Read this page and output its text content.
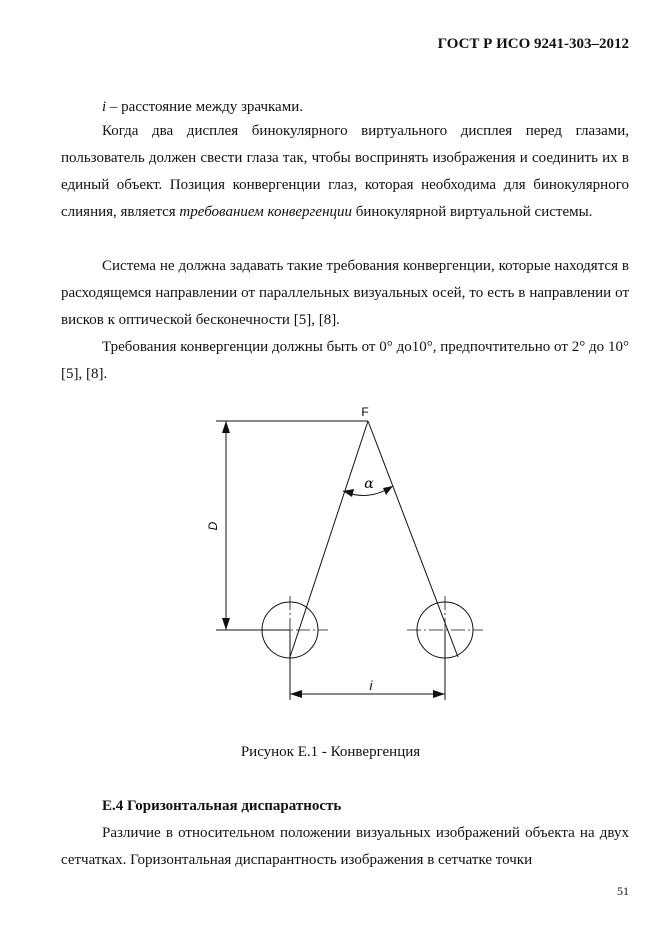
ГОСТ Р ИСО 9241-303–2012
i – расстояние между зрачками.
Когда два дисплея бинокулярного виртуального дисплея перед глазами, пользователь должен свести глаза так, чтобы воспринять изображения и соединить их в единый объект. Позиция конвергенции глаз, которая необходима для бинокулярного слияния, является требованием конвергенции бинокулярной виртуальной системы.
Система не должна задавать такие требования конвергенции, которые находятся в расходящемся направлении от параллельных визуальных осей, то есть в направлении от висков к оптической бесконечности [5], [8].
Требования конвергенции должны быть от 0° до10°, предпочтительно от 2° до 10° [5], [8].
F
α
D
i
Рисунок Е.1 - Конвергенция
Е.4 Горизонтальная диспаратность
Различие в относительном положении визуальных изображений объекта на двух сетчатках. Горизонтальная диспарантность изображения в сетчатке точки
51
